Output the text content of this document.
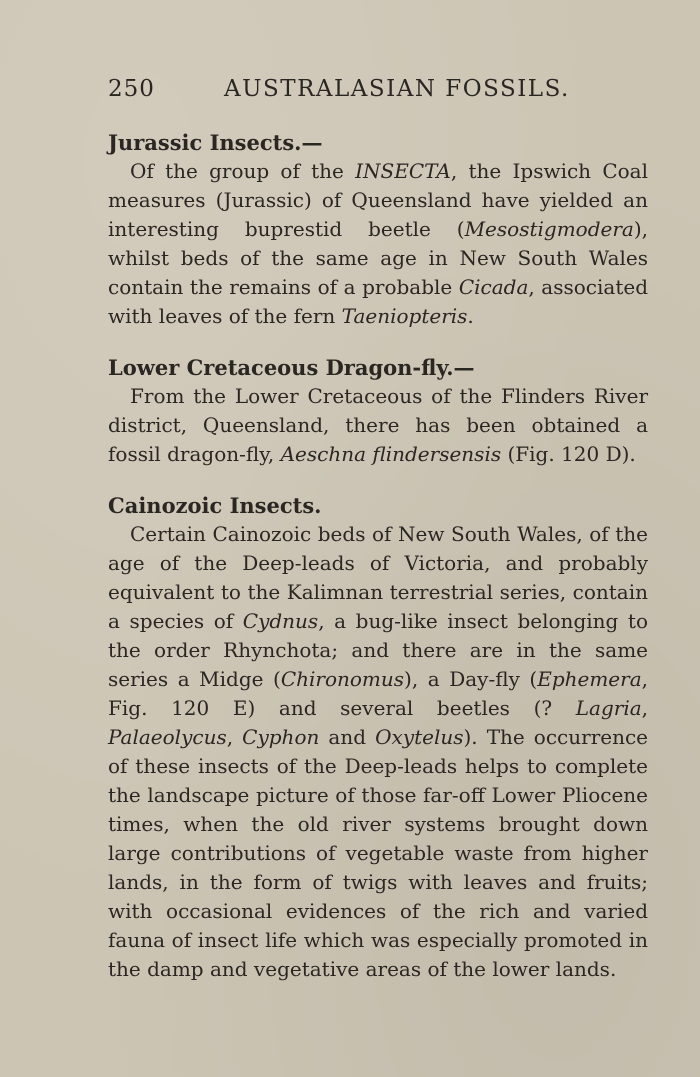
250	AUSTRALASIAN FOSSILS.

Jurassic Insects.—

Of the group of the INSECTA, the Ipswich Coal measures (Jurassic) of Queensland have yielded an interesting buprestid beetle (Mesostigmodera), whilst beds of the same age in New South Wales contain the remains of a probable Cicada, associated with leaves of the fern Taeniopteris.

Lower Cretaceous Dragon-fly.—

From the Lower Cretaceous of the Flinders River district, Queensland, there has been obtained a fossil dragon-fly, Aeschna flindersensis (Fig. 120 D).

Cainozoic Insects.

Certain Cainozoic beds of New South Wales, of the age of the Deep-leads of Victoria, and probably equivalent to the Kalimnan terrestrial series, contain a species of Cydnus, a bug-like insect belonging to the order Rhynchota; and there are in the same series a Midge (Chironomus), a Day-fly (Ephemera, Fig. 120 E) and several beetles (? Lagria, Palaeolycus, Cyphon and Oxytelus). The occurrence of these insects of the Deep-leads helps to complete the landscape picture of those far-off Lower Pliocene times, when the old river systems brought down large contributions of vegetable waste from higher lands, in the form of twigs with leaves and fruits; with occasional evidences of the rich and varied fauna of insect life which was especially promoted in the damp and vegetative areas of the lower lands.
